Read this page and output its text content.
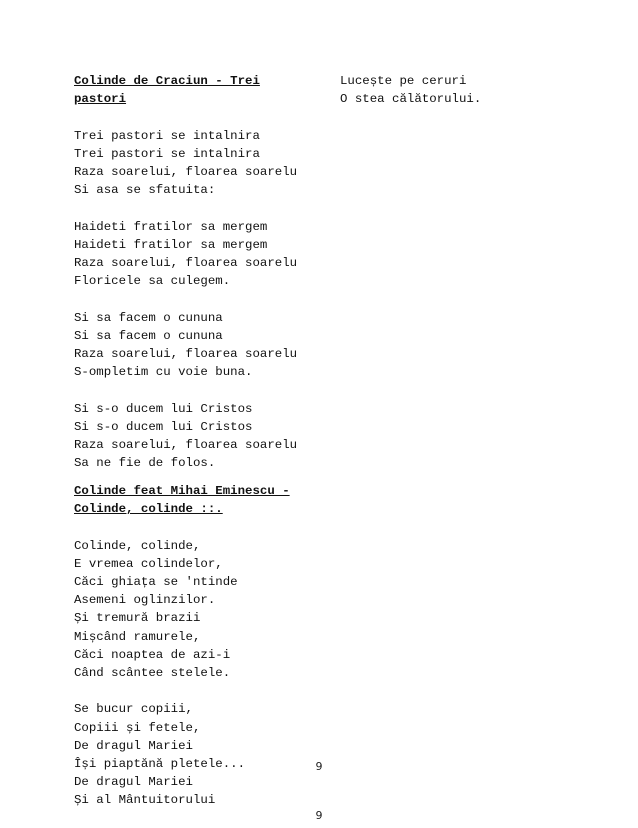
Colinde de Craciun - Trei
pastori

Trei pastori se intalnira

Trei pastori se intalnira

Raza soarelui, floarea soarelu

Si asa se sfatuita:

Haideti fratilor sa mergem

Haideti fratilor sa mergem

Raza soarelui, floarea soarelu

Floricele sa culegem.

Si sa facem o cununa

Si sa facem o cununa

Raza soarelui, floarea soarelu

S-ompletim cu voie buna.

Si s-o ducem lui Cristos

Si s-o ducem lui Cristos

Raza soarelui, floarea soarelu

Sa ne fie de folos.

Lucește pe ceruri

O stea călătorului.

Colinde feat Mihai Eminescu -
Colinde, colinde ::.

Colinde, colinde,

E vremea colindelor,

Căci ghiața se 'ntinde

Asemeni oglinzilor.

Și tremură brazii

Mișcând ramurele,

Căci noaptea de azi-i

Când scântee stelele.

Se bucur copiii,

Copiii și fetele,

De dragul Mariei

Își piaptănă pletele...

De dragul Mariei

Și al Mântuitorului

9
9
